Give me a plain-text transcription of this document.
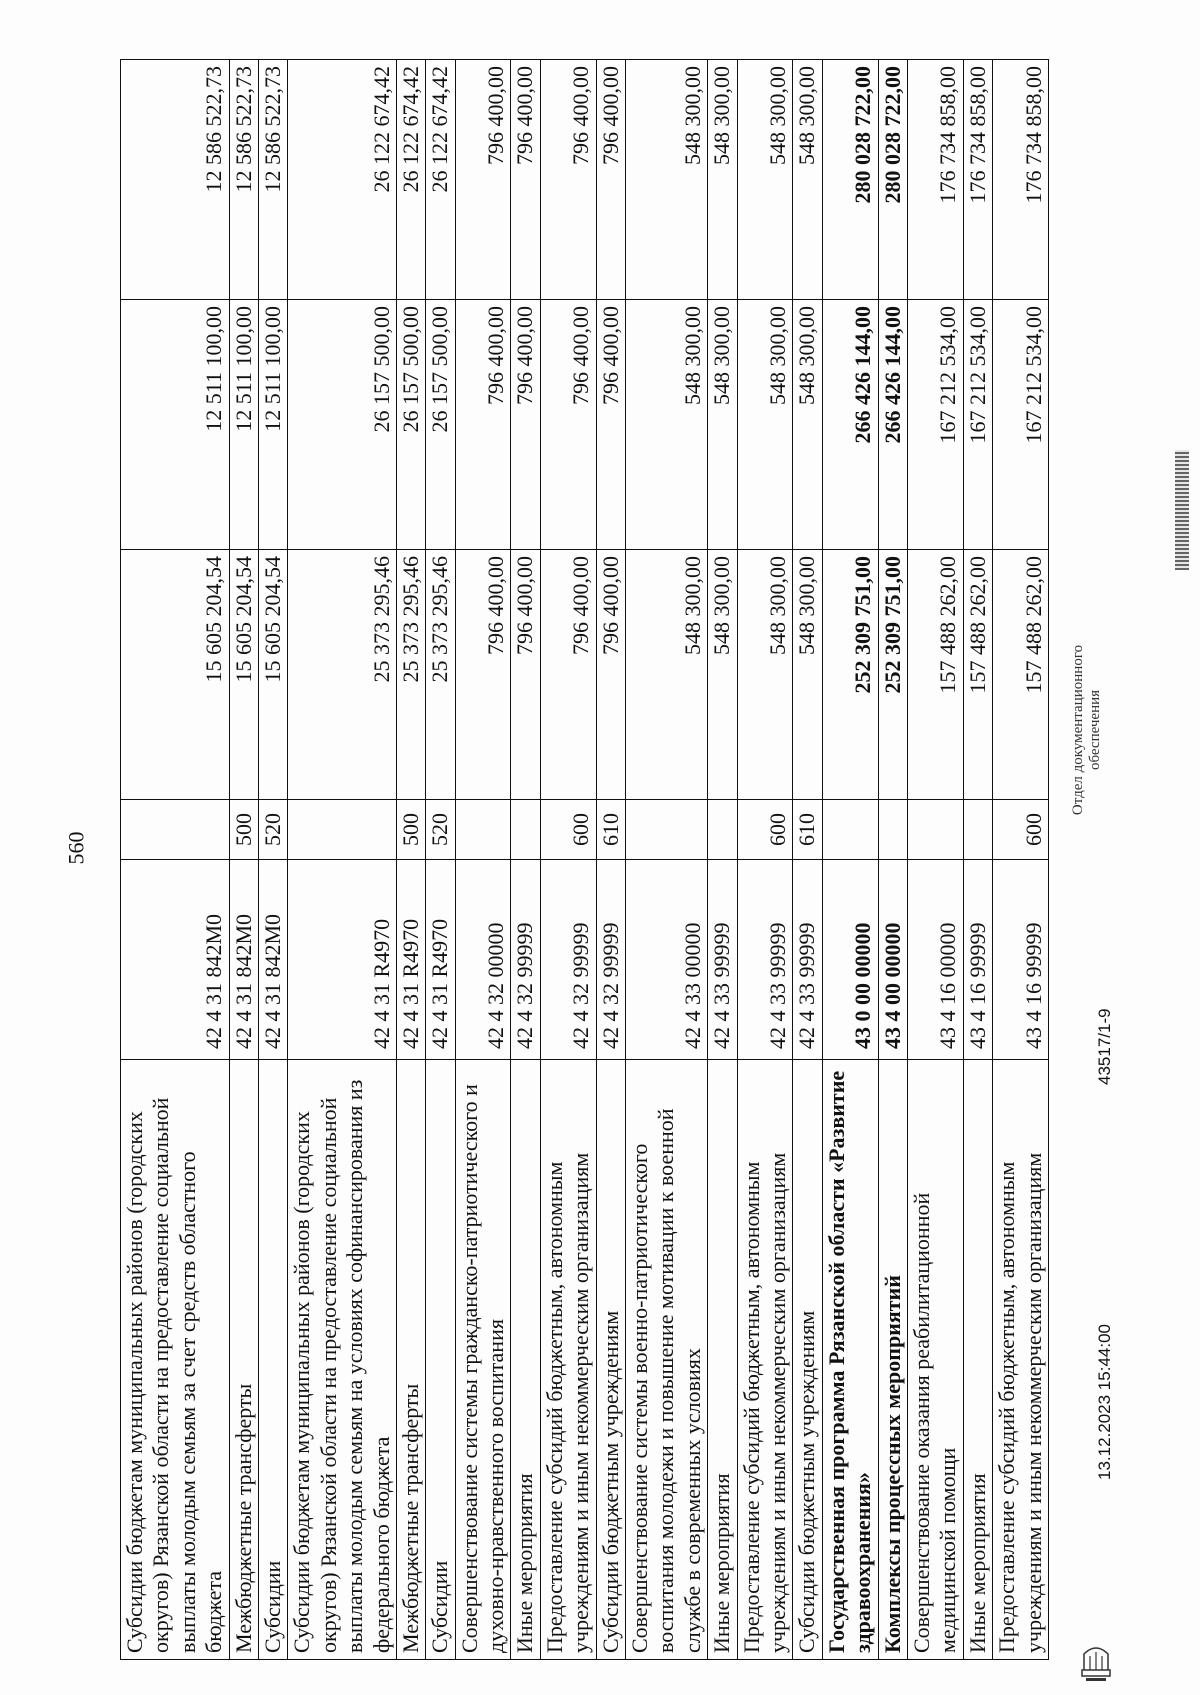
560
Субсидии бюджетам муниципальных районов (городских округов) Рязанской области на предоставление социальной выплаты молодым семьям за счет средств областного бюджета	42 4 31 842М0		15 605 204,54	12 511 100,00	12 586 522,73
Межбюджетные трансферты	42 4 31 842М0	500	15 605 204,54	12 511 100,00	12 586 522,73
Субсидии	42 4 31 842М0	520	15 605 204,54	12 511 100,00	12 586 522,73
Субсидии бюджетам муниципальных районов (городских округов) Рязанской области на предоставление социальной выплаты молодым семьям на условиях софинансирования из федерального бюджета	42 4 31 R4970		25 373 295,46	26 157 500,00	26 122 674,42
Межбюджетные трансферты	42 4 31 R4970	500	25 373 295,46	26 157 500,00	26 122 674,42
Субсидии	42 4 31 R4970	520	25 373 295,46	26 157 500,00	26 122 674,42
Совершенствование системы гражданско-патриотического и духовно-нравственного воспитания	42 4 32 00000		796 400,00	796 400,00	796 400,00
Иные мероприятия	42 4 32 99999		796 400,00	796 400,00	796 400,00
Предоставление субсидий бюджетным, автономным учреждениям и иным некоммерческим организациям	42 4 32 99999	600	796 400,00	796 400,00	796 400,00
Субсидии бюджетным учреждениям	42 4 32 99999	610	796 400,00	796 400,00	796 400,00
Совершенствование системы военно-патриотического воспитания молодежи и повышение мотивации к военной службе в современных условиях	42 4 33 00000		548 300,00	548 300,00	548 300,00
Иные мероприятия	42 4 33 99999		548 300,00	548 300,00	548 300,00
Предоставление субсидий бюджетным, автономным учреждениям и иным некоммерческим организациям	42 4 33 99999	600	548 300,00	548 300,00	548 300,00
Субсидии бюджетным учреждениям	42 4 33 99999	610	548 300,00	548 300,00	548 300,00
Государственная программа Рязанской области «Развитие здравоохранения»	43 0 00 00000		252 309 751,00	266 426 144,00	280 028 722,00
Комплексы процессных мероприятий	43 4 00 00000		252 309 751,00	266 426 144,00	280 028 722,00
Совершенствование оказания реабилитационной медицинской помощи	43 4 16 00000		157 488 262,00	167 212 534,00	176 734 858,00
Иные мероприятия	43 4 16 99999		157 488 262,00	167 212 534,00	176 734 858,00
Предоставление субсидий бюджетным, автономным учреждениям и иным некоммерческим организациям	43 4 16 99999	600	157 488 262,00	167 212 534,00	176 734 858,00
13.12.2023 15:44:00
43517/1-9
Отдел документационного обеспечения
